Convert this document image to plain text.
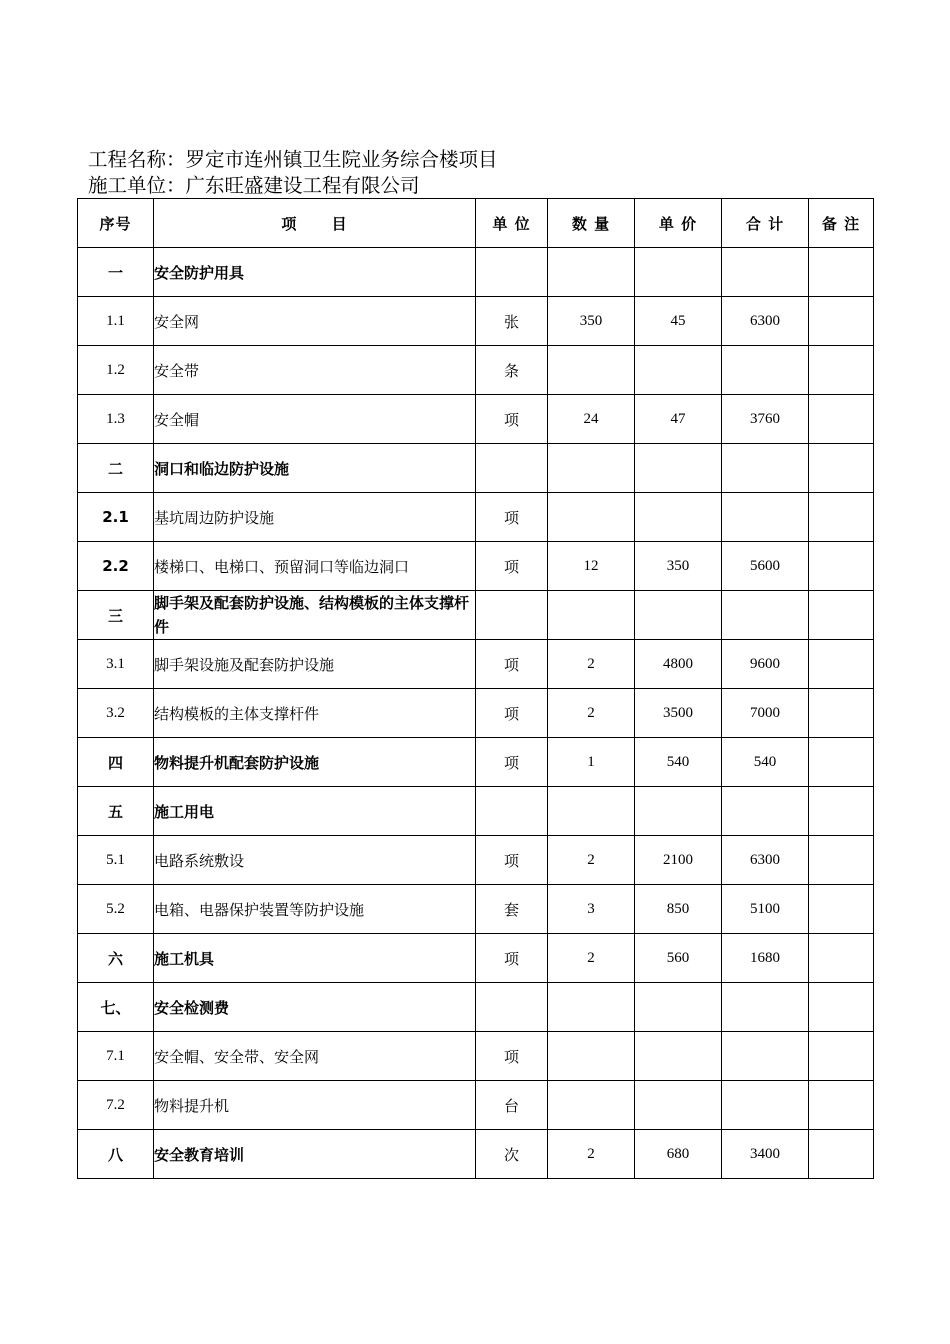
工程名称：罗定市连州镇卫生院业务综合楼项目
施工单位：广东旺盛建设工程有限公司
序号	项 目	单 位	数 量	单 价	合 计	备 注
一	安全防护用具					
1.1	安全网	张	350	45	6300	
1.2	安全带	条				
1.3	安全帽	项	24	47	3760	
二	洞口和临边防护设施					
2.1	基坑周边防护设施	项				
2.2	楼梯口、电梯口、预留洞口等临边洞口	项	12	350	5600	
三	脚手架及配套防护设施、结构模板的主体支撑杆件					
3.1	脚手架设施及配套防护设施	项	2	4800	9600	
3.2	结构模板的主体支撑杆件	项	2	3500	7000	
四	物料提升机配套防护设施	项	1	540	540	
五	施工用电					
5.1	电路系统敷设	项	2	2100	6300	
5.2	电箱、电器保护装置等防护设施	套	3	850	5100	
六	施工机具	项	2	560	1680	
七、	安全检测费					
7.1	安全帽、安全带、安全网	项				
7.2	物料提升机	台				
八	安全教育培训	次	2	680	3400	
